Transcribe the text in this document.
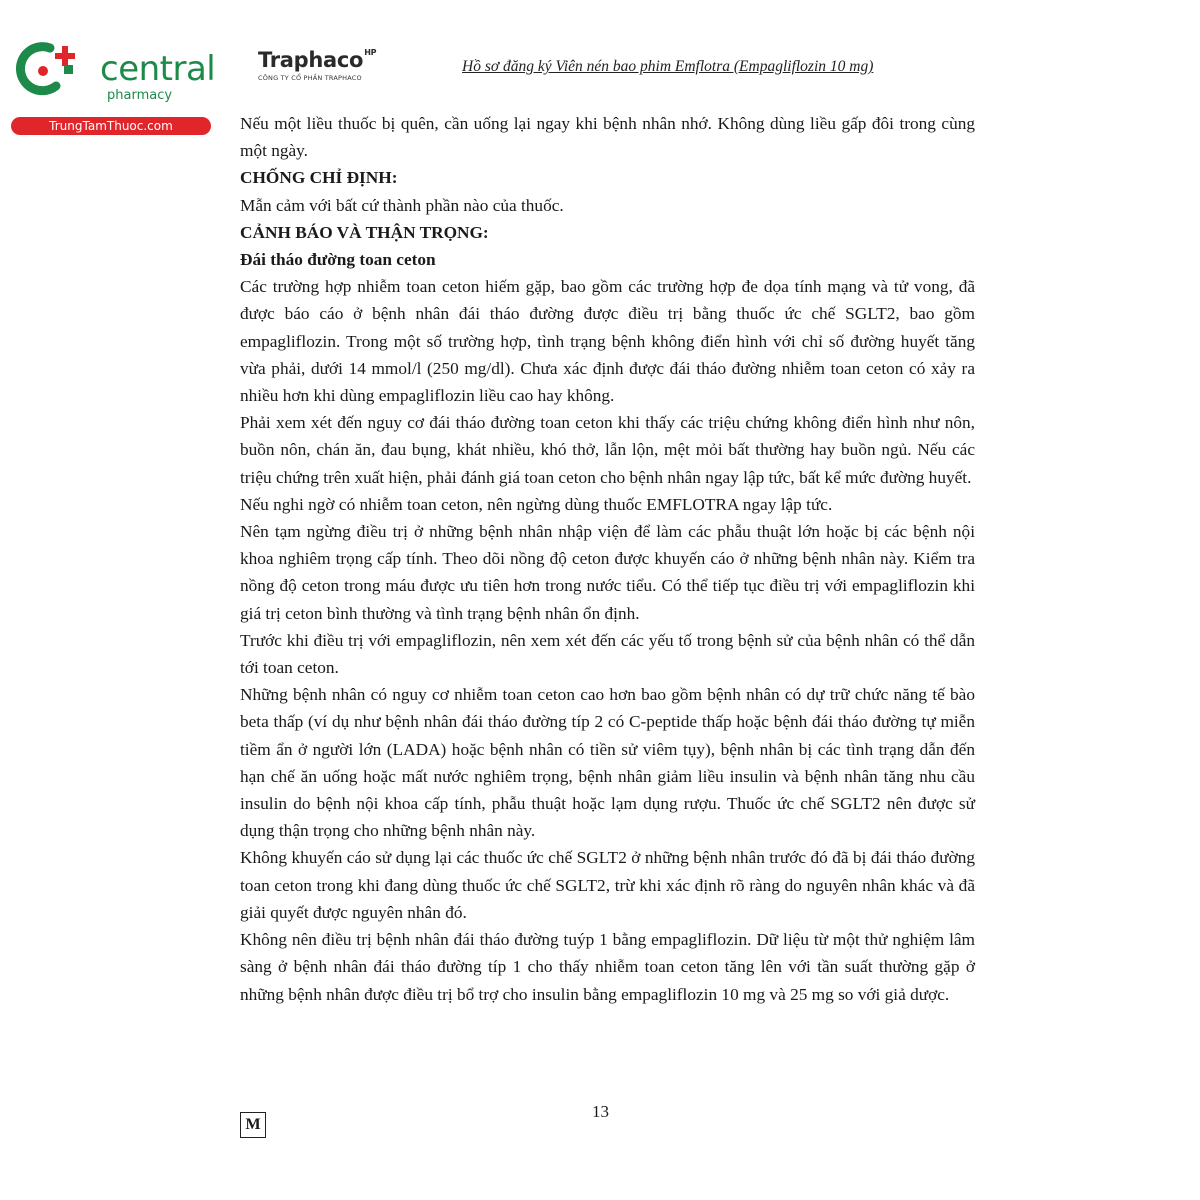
central
pharmacy
TrungTamThuoc.com
Traphaco$^{HP}$
CÔNG TY CỔ PHẦN TRAPHACO
Hồ sơ đăng ký Viên nén bao phim Emflotra (Empagliflozin 10 mg)

Nếu một liều thuốc bị quên, cần uống lại ngay khi bệnh nhân nhớ. Không dùng liều gấp đôi trong cùng một ngày.

CHỐNG CHỈ ĐỊNH:

Mẫn cảm với bất cứ thành phần nào của thuốc.

CẢNH BÁO VÀ THẬN TRỌNG:

Đái tháo đường toan ceton

Các trường hợp nhiễm toan ceton hiếm gặp, bao gồm các trường hợp đe dọa tính mạng và tử vong, đã được báo cáo ở bệnh nhân đái tháo đường được điều trị bằng thuốc ức chế SGLT2, bao gồm empagliflozin. Trong một số trường hợp, tình trạng bệnh không điển hình với chỉ số đường huyết tăng vừa phải, dưới 14 mmol/l (250 mg/dl). Chưa xác định được đái tháo đường nhiễm toan ceton có xảy ra nhiều hơn khi dùng empagliflozin liều cao hay không.

Phải xem xét đến nguy cơ đái tháo đường toan ceton khi thấy các triệu chứng không điển hình như nôn, buồn nôn, chán ăn, đau bụng, khát nhiều, khó thở, lẫn lộn, mệt mỏi bất thường hay buồn ngủ. Nếu các triệu chứng trên xuất hiện, phải đánh giá toan ceton cho bệnh nhân ngay lập tức, bất kể mức đường huyết.

Nếu nghi ngờ có nhiễm toan ceton, nên ngừng dùng thuốc EMFLOTRA ngay lập tức.

Nên tạm ngừng điều trị ở những bệnh nhân nhập viện để làm các phẫu thuật lớn hoặc bị các bệnh nội khoa nghiêm trọng cấp tính. Theo dõi nồng độ ceton được khuyến cáo ở những bệnh nhân này. Kiểm tra nồng độ ceton trong máu được ưu tiên hơn trong nước tiểu. Có thể tiếp tục điều trị với empagliflozin khi giá trị ceton bình thường và tình trạng bệnh nhân ổn định.

Trước khi điều trị với empagliflozin, nên xem xét đến các yếu tố trong bệnh sử của bệnh nhân có thể dẫn tới toan ceton.

Những bệnh nhân có nguy cơ nhiễm toan ceton cao hơn bao gồm bệnh nhân có dự trữ chức năng tế bào beta thấp (ví dụ như bệnh nhân đái tháo đường típ 2 có C-peptide thấp hoặc bệnh đái tháo đường tự miễn tiềm ẩn ở người lớn (LADA) hoặc bệnh nhân có tiền sử viêm tụy), bệnh nhân bị các tình trạng dẫn đến hạn chế ăn uống hoặc mất nước nghiêm trọng, bệnh nhân giảm liều insulin và bệnh nhân tăng nhu cầu insulin do bệnh nội khoa cấp tính, phẫu thuật hoặc lạm dụng rượu. Thuốc ức chế SGLT2 nên được sử dụng thận trọng cho những bệnh nhân này.

Không khuyến cáo sử dụng lại các thuốc ức chế SGLT2 ở những bệnh nhân trước đó đã bị đái tháo đường toan ceton trong khi đang dùng thuốc ức chế SGLT2, trừ khi xác định rõ ràng do nguyên nhân khác và đã giải quyết được nguyên nhân đó.

Không nên điều trị bệnh nhân đái tháo đường tuýp 1 bằng empagliflozin. Dữ liệu từ một thử nghiệm lâm sàng ở bệnh nhân đái tháo đường típ 1 cho thấy nhiễm toan ceton tăng lên với tần suất thường gặp ở những bệnh nhân được điều trị bổ trợ cho insulin bằng empagliflozin 10 mg và 25 mg so với giả dược.

13
M
